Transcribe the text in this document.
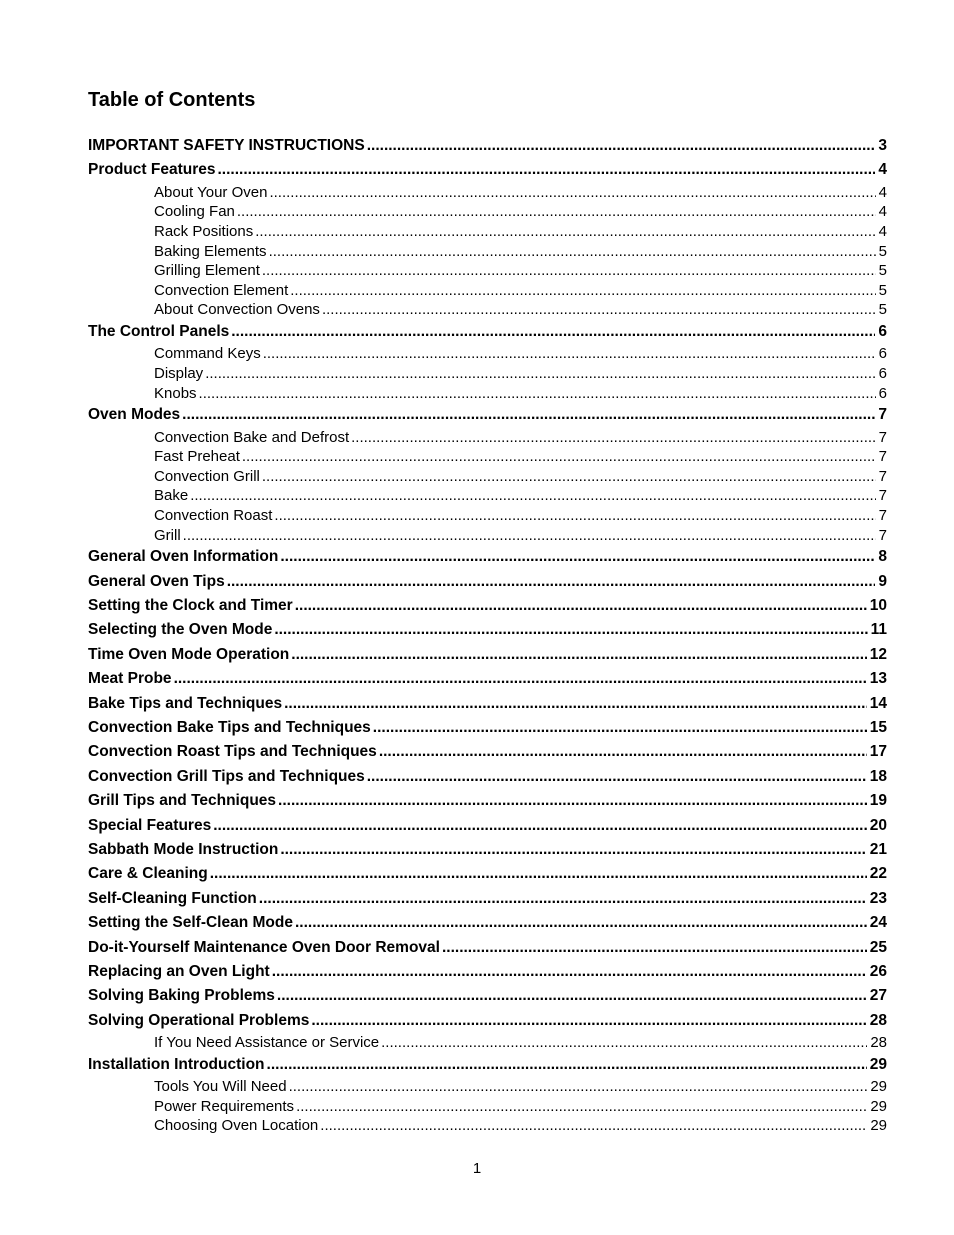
Table of Contents
IMPORTANT SAFETY INSTRUCTIONS .....	3
Product Features .....	4
About Your Oven .....	4
Cooling Fan .....	4
Rack Positions .....	4
Baking Elements .....	5
Grilling Element .....	5
Convection Element .....	5
About Convection Ovens .....	5
The Control Panels .....	6
Command Keys .....	6
Display .....	6
Knobs .....	6
Oven Modes .....	7
Convection Bake and Defrost .....	7
Fast Preheat .....	7
Convection Grill .....	7
Bake .....	7
Convection Roast .....	7
Grill .....	7
General Oven Information .....	8
General Oven Tips .....	9
Setting the Clock and Timer .....	10
Selecting the Oven Mode .....	11
Time Oven Mode Operation .....	12
Meat Probe .....	13
Bake Tips and Techniques .....	14
Convection Bake Tips and Techniques .....	15
Convection Roast Tips and Techniques .....	17
Convection Grill Tips and Techniques .....	18
Grill Tips and Techniques .....	19
Special Features .....	20
Sabbath Mode Instruction .....	21
Care & Cleaning .....	22
Self-Cleaning Function .....	23
Setting the Self-Clean Mode .....	24
Do-it-Yourself Maintenance Oven Door Removal .....	25
Replacing an Oven Light .....	26
Solving Baking Problems .....	27
Solving Operational Problems .....	28
If You Need Assistance or Service .....	28
Installation Introduction .....	29
Tools You Will Need .....	29
Power Requirements .....	29
Choosing Oven Location .....	29
1
